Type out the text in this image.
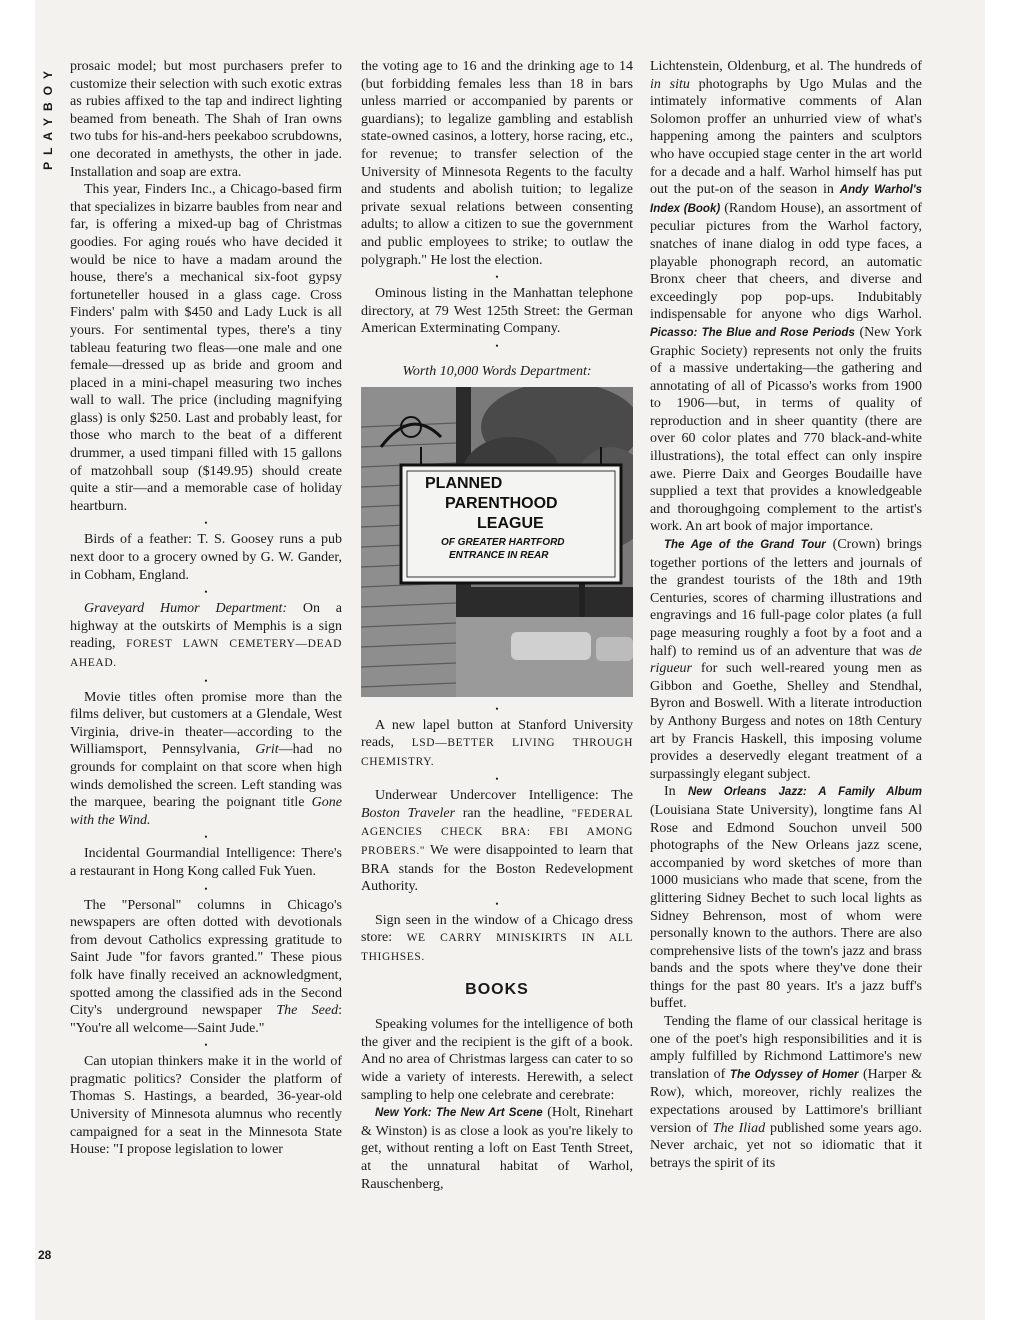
PLAYBOY
28

prosaic model; but most purchasers prefer to customize their selection with such exotic extras as rubies affixed to the tap and indirect lighting beamed from beneath. The Shah of Iran owns two tubs for his-and-hers peekaboo scrubdowns, one decorated in amethysts, the other in jade. Installation and soap are extra.

This year, Finders Inc., a Chicago-based firm that specializes in bizarre baubles from near and far, is offering a mixed-up bag of Christmas goodies. For aging roués who have decided it would be nice to have a madam around the house, there's a mechanical six-foot gypsy fortuneteller housed in a glass cage. Cross Finders' palm with $450 and Lady Luck is all yours. For sentimental types, there's a tiny tableau featuring two fleas—one male and one female—dressed up as bride and groom and placed in a mini-chapel measuring two inches wall to wall. The price (including magnifying glass) is only $250. Last and probably least, for those who march to the beat of a different drummer, a used timpani filled with 15 gallons of matzohball soup ($149.95) should create quite a stir—and a memorable case of holiday heartburn.

•

Birds of a feather: T. S. Goosey runs a pub next door to a grocery owned by G. W. Gander, in Cobham, England.

•

Graveyard Humor Department: On a highway at the outskirts of Memphis is a sign reading, FOREST LAWN CEMETERY—DEAD AHEAD.

•

Movie titles often promise more than the films deliver, but customers at a Glendale, West Virginia, drive-in theater—according to the Williamsport, Pennsylvania, Grit—had no grounds for complaint on that score when high winds demolished the screen. Left standing was the marquee, bearing the poignant title Gone with the Wind.

•

Incidental Gourmandial Intelligence: There's a restaurant in Hong Kong called Fuk Yuen.

•

The "Personal" columns in Chicago's newspapers are often dotted with devotionals from devout Catholics expressing gratitude to Saint Jude "for favors granted." These pious folk have finally received an acknowledgment, spotted among the classified ads in the Second City's underground newspaper The Seed: "You're all welcome—Saint Jude."

•

Can utopian thinkers make it in the world of pragmatic politics? Consider the platform of Thomas S. Hastings, a bearded, 36-year-old University of Minnesota alumnus who recently campaigned for a seat in the Minnesota State House: "I propose legislation to lower

the voting age to 16 and the drinking age to 14 (but forbidding females less than 18 in bars unless married or accompanied by parents or guardians); to legalize gambling and establish state-owned casinos, a lottery, horse racing, etc., for revenue; to transfer selection of the University of Minnesota Regents to the faculty and students and abolish tuition; to legalize private sexual relations between consenting adults; to allow a citizen to sue the government and public employees to strike; to outlaw the polygraph." He lost the election.

•

Ominous listing in the Manhattan telephone directory, at 79 West 125th Street: the German American Exterminating Company.

•
Worth 10,000 Words Department:
PLANNED
PARENTHOOD
LEAGUE
OF GREATER HARTFORD
ENTRANCE IN REAR
•

A new lapel button at Stanford University reads, LSD—BETTER LIVING THROUGH CHEMISTRY.

•

Underwear Undercover Intelligence: The Boston Traveler ran the headline, "FEDERAL AGENCIES CHECK BRA: FBI AMONG PROBERS." We were disappointed to learn that BRA stands for the Boston Redevelopment Authority.

•

Sign seen in the window of a Chicago dress store: WE CARRY MINISKIRTS IN ALL THIGHSES.

BOOKS

Speaking volumes for the intelligence of both the giver and the recipient is the gift of a book. And no area of Christmas largess can cater to so wide a variety of interests. Herewith, a select sampling to help one celebrate and cerebrate:

New York: The New Art Scene (Holt, Rinehart & Winston) is as close a look as you're likely to get, without renting a loft on East Tenth Street, at the unnatural habitat of Warhol, Rauschenberg,

Lichtenstein, Oldenburg, et al. The hundreds of in situ photographs by Ugo Mulas and the intimately informative comments of Alan Solomon proffer an unhurried view of what's happening among the painters and sculptors who have occupied stage center in the art world for a decade and a half. Warhol himself has put out the put-on of the season in Andy Warhol's Index (Book) (Random House), an assortment of peculiar pictures from the Warhol factory, snatches of inane dialog in odd type faces, a playable phonograph record, an automatic Bronx cheer that cheers, and diverse and exceedingly pop pop-ups. Indubitably indispensable for anyone who digs Warhol. Picasso: The Blue and Rose Periods (New York Graphic Society) represents not only the fruits of a massive undertaking—the gathering and annotating of all of Picasso's works from 1900 to 1906—but, in terms of quality of reproduction and in sheer quantity (there are over 60 color plates and 770 black-and-white illustrations), the total effect can only inspire awe. Pierre Daix and Georges Boudaille have supplied a text that provides a knowledgeable and thoroughgoing complement to the artist's work. An art book of major importance.

The Age of the Grand Tour (Crown) brings together portions of the letters and journals of the grandest tourists of the 18th and 19th Centuries, scores of charming illustrations and engravings and 16 full-page color plates (a full page measuring roughly a foot by a foot and a half) to remind us of an adventure that was de rigueur for such well-reared young men as Gibbon and Goethe, Shelley and Stendhal, Byron and Boswell. With a literate introduction by Anthony Burgess and notes on 18th Century art by Francis Haskell, this imposing volume provides a deservedly elegant treatment of a surpassingly elegant subject.

In New Orleans Jazz: A Family Album (Louisiana State University), longtime fans Al Rose and Edmond Souchon unveil 500 photographs of the New Orleans jazz scene, accompanied by word sketches of more than 1000 musicians who made that scene, from the glittering Sidney Bechet to such local lights as Sidney Behrenson, most of whom were personally known to the authors. There are also comprehensive lists of the town's jazz and brass bands and the spots where they've done their things for the past 80 years. It's a jazz buff's buffet.

Tending the flame of our classical heritage is one of the poet's high responsibilities and it is amply fulfilled by Richmond Lattimore's new translation of The Odyssey of Homer (Harper & Row), which, moreover, richly realizes the expectations aroused by Lattimore's brilliant version of The Iliad published some years ago. Never archaic, yet not so idiomatic that it betrays the spirit of its
